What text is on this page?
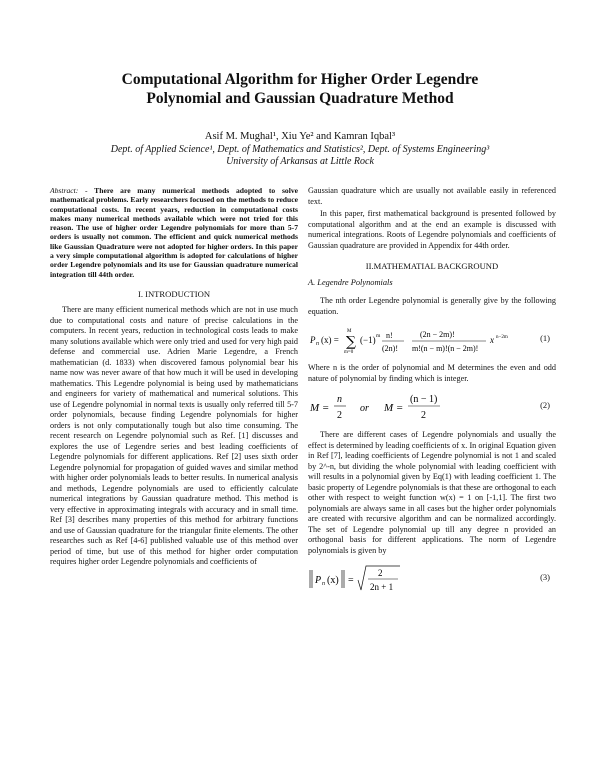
Computational Algorithm for Higher Order Legendre
Polynomial and Gaussian Quadrature Method
Asif M. Mughal¹, Xiu Ye² and Kamran Iqbal³
Dept. of Applied Science¹, Dept. of Mathematics and Statistics², Dept. of Systems Engineering³
University of Arkansas at Little Rock
Abstract: - There are many numerical methods adopted to solve mathematical problems. Early researchers focused on the methods to reduce computational costs. In recent years, reduction in computational costs makes many numerical methods available which were not tried for this reason. The use of higher order Legendre polynomials for more than 5-7 orders is usually not common. The efficient and quick numerical methods like Gaussian Quadrature were not adopted for higher orders. In this paper a very simple computational algorithm is adopted for calculations of higher order Legendre polynomials and its use for Gaussian quadrature numerical integration till 44th order.
I. INTRODUCTION

There are many efficient numerical methods which are not in use much due to computational costs and nature of precise calculations in the computers. In recent years, reduction in technological costs leads to make many solutions available which were only tried and used for very high paid defense and commercial use. Adrien Marie Legendre, a French mathematician (d. 1833) when discovered famous polynomial bear his name now was never aware of that how much it will be used in developing mathematics. This Legendre polynomial is being used by mathematicians and engineers for variety of mathematical and numerical solutions. This use of Legendre polynomial in normal texts is usually only referred till 5-7 order polynomials, because finding Legendre polynomials for higher orders is not only computationally tough but also time consuming. The recent research on Legendre polynomial such as Ref. [1] discusses and explores the use of Legendre series and best leading coefficients of Legendre polynomials for different applications. Ref [2] uses sixth order Legendre polynomial for propagation of guided waves and similar method with higher order polynomials leads to better results. In numerical analysis and methods, Legendre polynomials are used to efficiently calculate numerical integrations by Gaussian quadrature method. This method is very effective in approximating integrals with accuracy and in small time. Ref [3] describes many properties of this method for arbitrary functions and use of Gaussian quadrature for the triangular finite elements. The other researches such as Ref [4-6] published valuable use of this method over period of time, but use of this method for higher order computation requires higher order Legendre polynomials and coefficients of

Gaussian quadrature which are usually not available easily in referenced text.

In this paper, first mathematical background is presented followed by computational algorithm and at the end an example is discussed with numerical integrations. Roots of Legendre polynomials and coefficients of Gaussian quadrature are provided in Appendix for 44th order.

II.MATHEMATIAL BACKGROUND
A. Legendre Polynomials

The nth order Legendre polynomial is generally give by the following equation.

P n (x) = ∑
M
m=0
(−1) m n!
(2n)!
(2n − 2m)!
m!(n − m)!(n − 2m)!
x n−2m	(1)

Where n is the order of polynomial and M determines the even and odd nature of polynomial by finding which is integer.

M =
n
2
or M =
(n − 1)
2
(2)

There are different cases of Legendre polynomials and usually the effect is determined by leading coefficients of x. In original Equation given in Ref [7], leading coefficients of Legendre polynomial is not 1 and scaled by 2^-n, but dividing the whole polynomial with leading coefficient with will results in a polynomial given by Eq(1) with leading coefficient 1. The basic property of Legendre polynomials is that these are orthogonal to each other with respect to weight function w(x) = 1 on [-1,1]. The first two polynomials are always same in all cases but the higher order polynomials are created with recursive algorithm and can be normalized accordingly. The set of Legendre polynomial up till any degree n provided an orthogonal basis for different applications. The norm of Legendre polynomials is given by

P n (x) =
2
2n + 1
(3)
